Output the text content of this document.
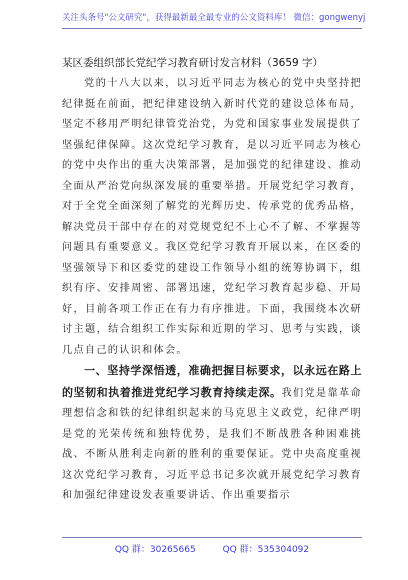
关注头条号"公文研究"，获得最新最全最专业的公文资料库！ 微信：gongwenyj
某区委组织部长党纪学习教育研讨发言材料（3659 字）

党的十八大以来，以习近平同志为核心的党中央坚持把纪律挺在前面，把纪律建设纳入新时代党的建设总体布局，坚定不移用严明纪律管党治党，为党和国家事业发展提供了坚强纪律保障。这次党纪学习教育，是以习近平同志为核心的党中央作出的重大决策部署，是加强党的纪律建设、推动全面从严治党向纵深发展的重要举措。开展党纪学习教育，对于全党全面深刻了解党的光辉历史、传承党的优秀品格，解决党员干部中存在的对党规党纪不上心不了解、不掌握等问题具有重要意义。我区党纪学习教育开展以来，在区委的坚强领导下和区委党的建设工作领导小组的统筹协调下，组织有序、安排周密、部署迅速，党纪学习教育起步稳、开局好，目前各项工作正在有力有序推进。下面，我围绕本次研讨主题，结合组织工作实际和近期的学习、思考与实践，谈几点自己的认识和体会。

一、坚持学深悟透，准确把握目标要求，以永远在路上的坚韧和执着推进党纪学习教育持续走深。我们党是靠革命理想信念和铁的纪律组织起来的马克思主义政党，纪律严明是党的光荣传统和独特优势，是我们不断战胜各种困难挑战、不断从胜利走向新的胜利的重要保证。党中央高度重视这次党纪学习教育，习近平总书记多次就开展党纪学习教育和加强纪律建设发表重要讲话、作出重要指示

QQ 群：30265665	QQ 群：535304092
